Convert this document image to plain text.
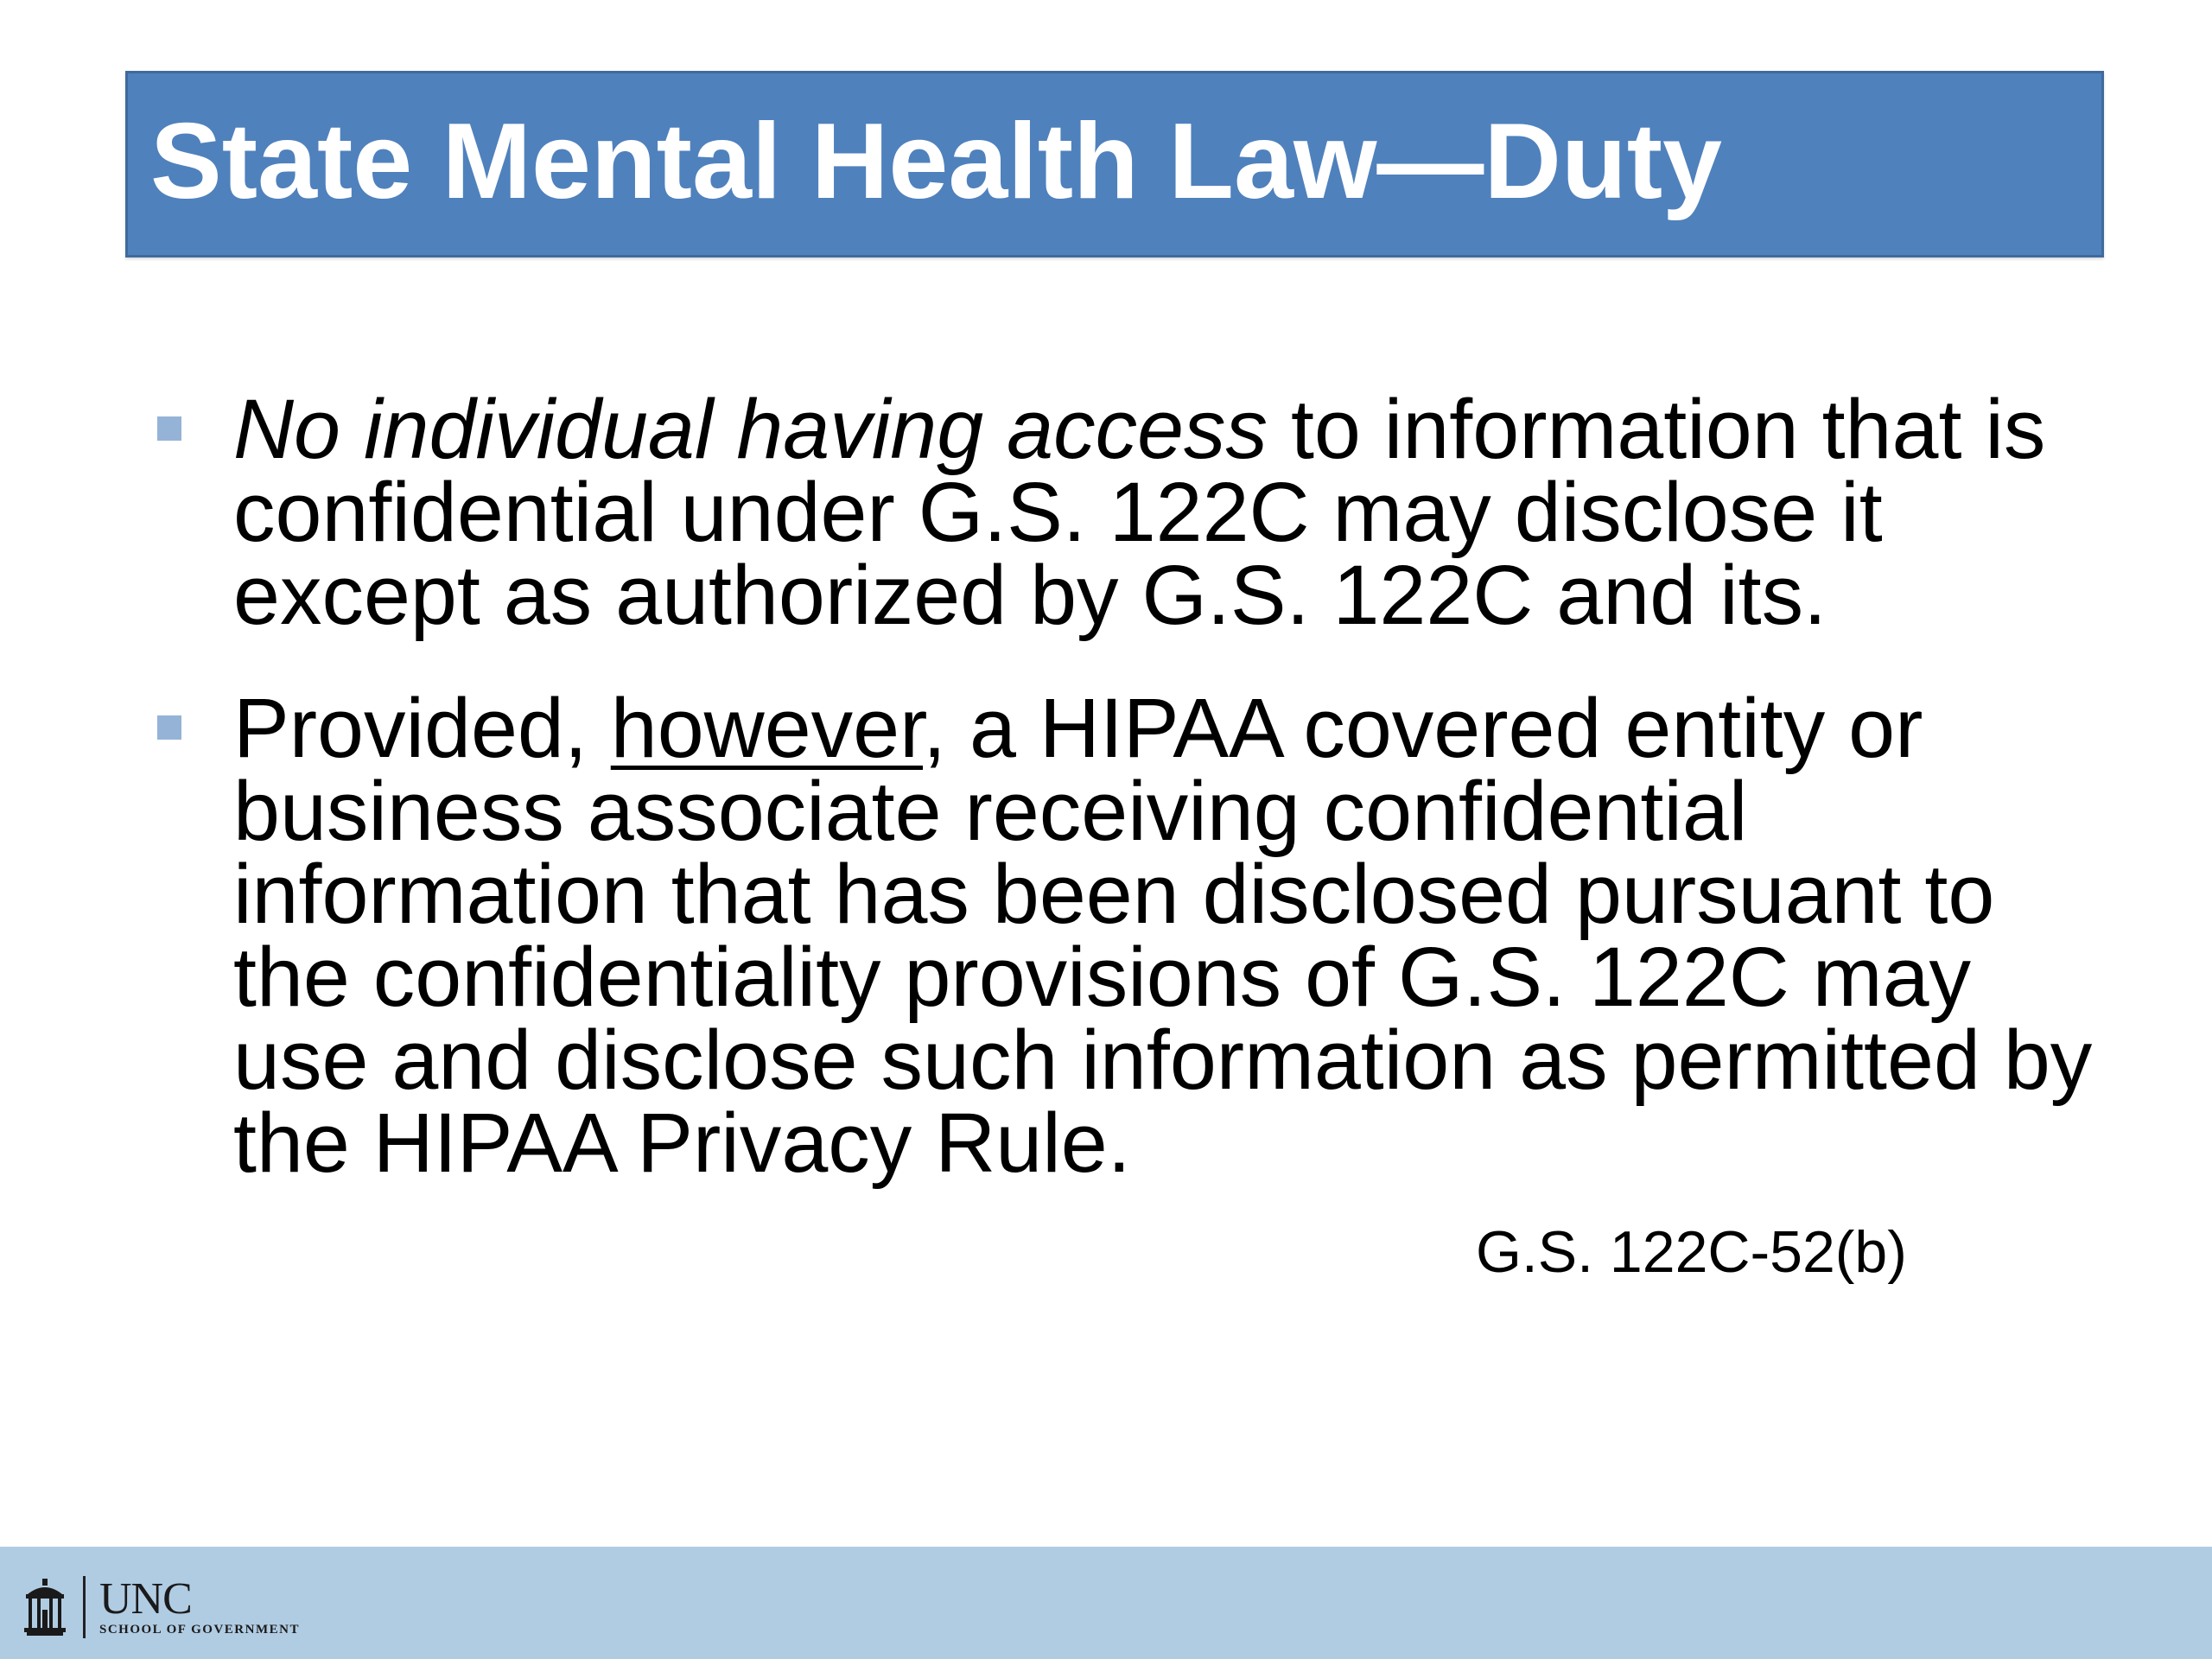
State Mental Health Law—Duty
No individual having access to information that is confidential under G.S. 122C may disclose it except as authorized by G.S. 122C and its.
Provided, however, a HIPAA covered entity or business associate receiving confidential information that has been disclosed pursuant to the confidentiality provisions of G.S. 122C may use and disclose such information as permitted by the HIPAA Privacy Rule.
G.S. 122C-52(b)
UNC
SCHOOL OF GOVERNMENT
